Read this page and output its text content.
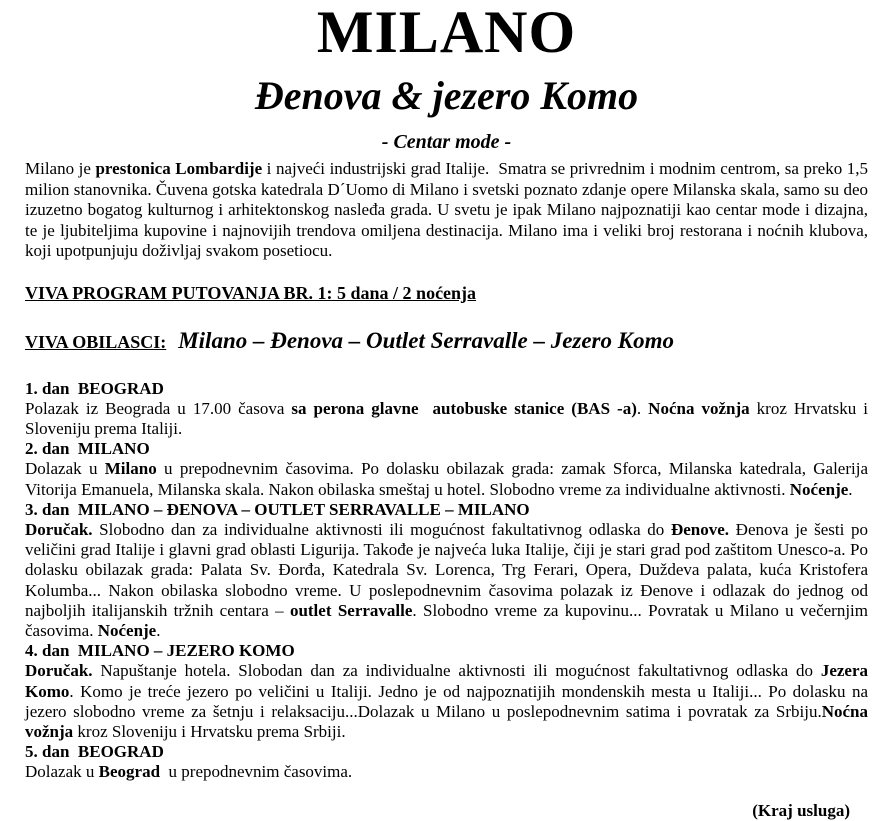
MILANO
Đenova & jezero Komo
- Centar mode -

Milano je prestonica Lombardije i najveći industrijski grad Italije.  Smatra se privrednim i modnim centrom, sa preko 1,5 milion stanovnika. Čuvena gotska katedrala D´Uomo di Milano i svetski poznato zdanje opere Milanska skala, samo su deo izuzetno bogatog kulturnog i arhitektonskog nasleđa grada. U svetu je ipak Milano najpoznatiji kao centar mode i dizajna, te je ljubiteljima kupovine i najnovijih trendova omiljena destinacija. Milano ima i veliki broj restorana i noćnih klubova, koji upotpunjuju doživljaj svakom posetiocu.

VIVA PROGRAM PUTOVANJA BR. 1: 5 dana / 2 noćenja
VIVA OBILASCI: Milano – Đenova – Outlet Serravalle – Jezero Komo
1. dan  BEOGRAD

Polazak iz Beograda u 17.00 časova sa perona glavne  autobuske stanice (BAS -a). Noćna vožnja kroz Hrvatsku i Sloveniju prema Italiji.

2. dan  MILANO

Dolazak u Milano u prepodnevnim časovima. Po dolasku obilazak grada: zamak Sforca, Milanska katedrala, Galerija Vitorija Emanuela, Milanska skala. Nakon obilaska smeštaj u hotel. Slobodno vreme za individualne aktivnosti. Noćenje.

3. dan  MILANO – ĐENOVA – OUTLET SERRAVALLE – MILANO

Doručak. Slobodno dan za individualne aktivnosti ili mogućnost fakultativnog odlaska do Đenove. Đenova je šesti po veličini grad Italije i glavni grad oblasti Ligurija. Takođe je najveća luka Italije, čiji je stari grad pod zaštitom Unesco-a. Po dolasku obilazak grada: Palata Sv. Đorđa, Katedrala Sv. Lorenca, Trg Ferari, Opera, Duždeva palata, kuća Kristofera Kolumba... Nakon obilaska slobodno vreme. U poslepodnevnim časovima polazak iz Đenove i odlazak do jednog od najboljih italijanskih tržnih centara – outlet Serravalle. Slobodno vreme za kupovinu... Povratak u Milano u večernjim časovima. Noćenje.

4. dan  MILANO – JEZERO KOMO

Doručak. Napuštanje hotela. Slobodan dan za individualne aktivnosti ili mogućnost fakultativnog odlaska do Jezera Komo. Komo je treće jezero po veličini u Italiji. Jedno je od najpoznatijih mondenskih mesta u Italiji... Po dolasku na jezero slobodno vreme za šetnju i relaksaciju...Dolazak u Milano u poslepodnevnim satima i povratak za Srbiju.Noćna vožnja kroz Sloveniju i Hrvatsku prema Srbiji.

5. dan  BEOGRAD

Dolazak u Beograd  u prepodnevnim časovima.

(Kraj usluga)
